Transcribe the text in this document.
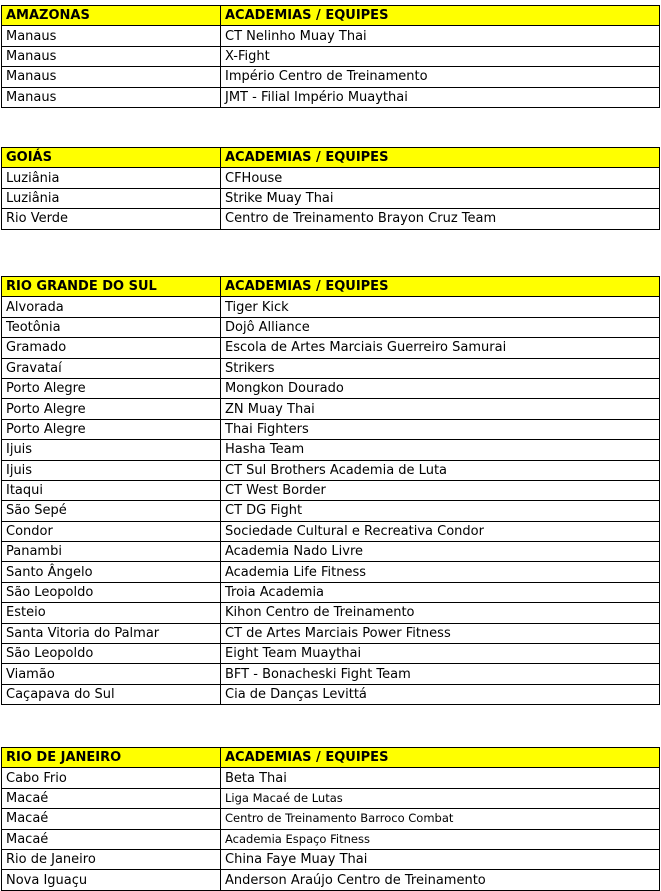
AMAZONAS	ACADEMIAS / EQUIPES
Manaus	CT Nelinho Muay Thai
Manaus	X-Fight
Manaus	Império Centro de Treinamento
Manaus	JMT - Filial Império Muaythai
GOIÁS	ACADEMIAS / EQUIPES
Luziânia	CFHouse
Luziânia	Strike Muay Thai
Rio Verde	Centro de Treinamento Brayon Cruz Team
RIO GRANDE DO SUL	ACADEMIAS / EQUIPES
Alvorada	Tiger Kick
Teotônia	Dojô Alliance
Gramado	Escola de Artes Marciais Guerreiro Samurai
Gravataí	Strikers
Porto Alegre	Mongkon Dourado
Porto Alegre	ZN Muay Thai
Porto Alegre	Thai Fighters
Ijuis	Hasha Team
Ijuis	CT Sul Brothers Academia de Luta
Itaqui	CT West Border
São Sepé	CT DG Fight
Condor	Sociedade Cultural e Recreativa Condor
Panambi	Academia Nado Livre
Santo Ângelo	Academia Life Fitness
São Leopoldo	Troia Academia
Esteio	Kihon Centro de Treinamento
Santa Vitoria do Palmar	CT de Artes Marciais Power Fitness
São Leopoldo	Eight Team Muaythai
Viamão	BFT - Bonacheski Fight Team
Caçapava do Sul	Cia de Danças Levittá
RIO DE JANEIRO	ACADEMIAS / EQUIPES
Cabo Frio	Beta Thai
Macaé	Liga Macaé de Lutas
Macaé	Centro de Treinamento Barroco Combat
Macaé	Academia Espaço Fitness
Rio de Janeiro	China Faye Muay Thai
Nova Iguaçu	Anderson Araújo Centro de Treinamento
